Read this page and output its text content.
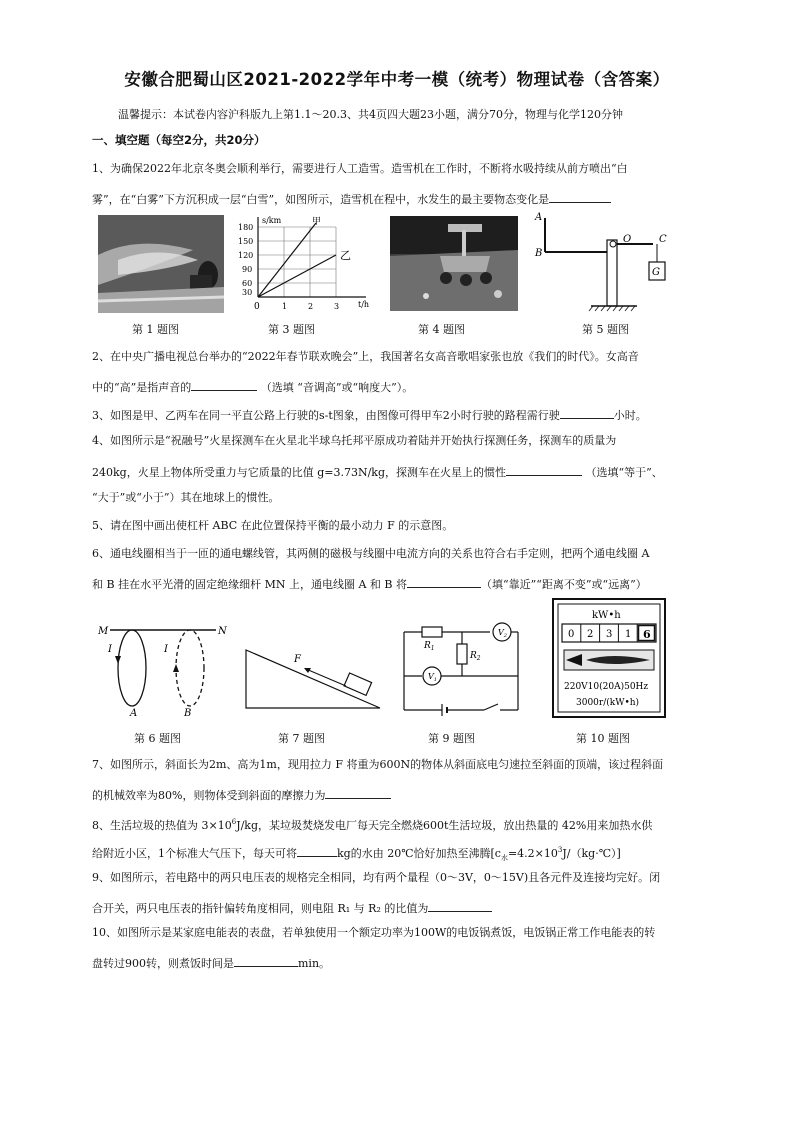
安徽合肥蜀山区2021-2022学年中考一模（统考）物理试卷（含答案）
温馨提示：本试卷内容沪科版九上第1.1～20.3、共4页四大题23小题，满分70分，物理与化学120分钟
一、填空题（每空2分，共20分）
1、为确保2022年北京冬奥会顺利举行，需要进行人工造雪。造雪机在工作时，不断将水吸持续从前方喷出“白
雾”，在“白雾”下方沉积成一层“白雪”，如图所示，造雪机在程中，水发生的最主要物态变化是
s/km
t/h
180
150
120
90
60
30
0	1	2	3
甲
乙
A
B
O	C
G
第 1 题图	第 3 题图	第 4 题图	第 5 题图
2、在中央广播电视总台举办的“2022年春节联欢晚会”上，我国著名女高音歌唱家张也放《我们的时代》。女高音
中的“高”是指声音的	（选填 “音调高”或“响度大”）。
3、如图是甲、乙两车在同一平直公路上行驶的s-t图象，由图像可得甲车2小时行驶的路程需行驶	小时。
4、如图所示是“祝融号”火星探测车在火星北半球乌托邦平原成功着陆并开始执行探测任务，探测车的质量为
240kg，火星上物体所受重力与它质量的比值 g=3.73N/kg，探测车在火星上的惯性	（选填“等于”、
“大于”或“小于”）其在地球上的惯性。
5、请在图中画出使杠杆 ABC 在此位置保持平衡的最小动力 F 的示意图。
6、通电线圈相当于一匝的通电螺线管，其两侧的磁极与线圈中电流方向的关系也符合右手定则，把两个通电线圈 A
和 B 挂在水平光滑的固定绝缘细杆 MN 上，通电线圈 A 和 B 将	（填“靠近”“距离不变”或“远离”）
M	N
I	I
A	B
F
$R_1$
$R_2$
$V_2$
$V_1$
kW•h
0 2 3 1 6
220V10(20A)50Hz
3000r/(kW•h)
第 6 题图	第 7 题图	第 9 题图	第 10 题图
7、如图所示，斜面长为2m、高为1m，现用拉力 F 将重为600N的物体从斜面底电匀速拉至斜面的顶端，该过程斜面
的机械效率为80%，则物体受到斜面的摩擦力为
8、生活垃圾的热值为 $3\times 10^6J/kg$，某垃圾焚烧发电厂每天完全燃烧600t生活垃圾，放出热量的 42%用来加热水供
给附近小区，1个标准大气压下，每天可将	kg的水由 20℃恰好加热至沸腾$[c_水=4.2\times 10^3J/(kg\cdot℃)]$
9、如图所示，若电路中的两只电压表的规格完全相同，均有两个量程（0～3V，0～15V)且各元件及连接均完好。闭
合开关，两只电压表的指针偏转角度相同，则电阻 R₁ 与 R₂ 的比值为
10、如图所示是某家庭电能表的表盘，若单独使用一个额定功率为100W的电饭锅煮饭，电饭锅正常工作电能表的转
盘转过900转，则煮饭时间是	min。
